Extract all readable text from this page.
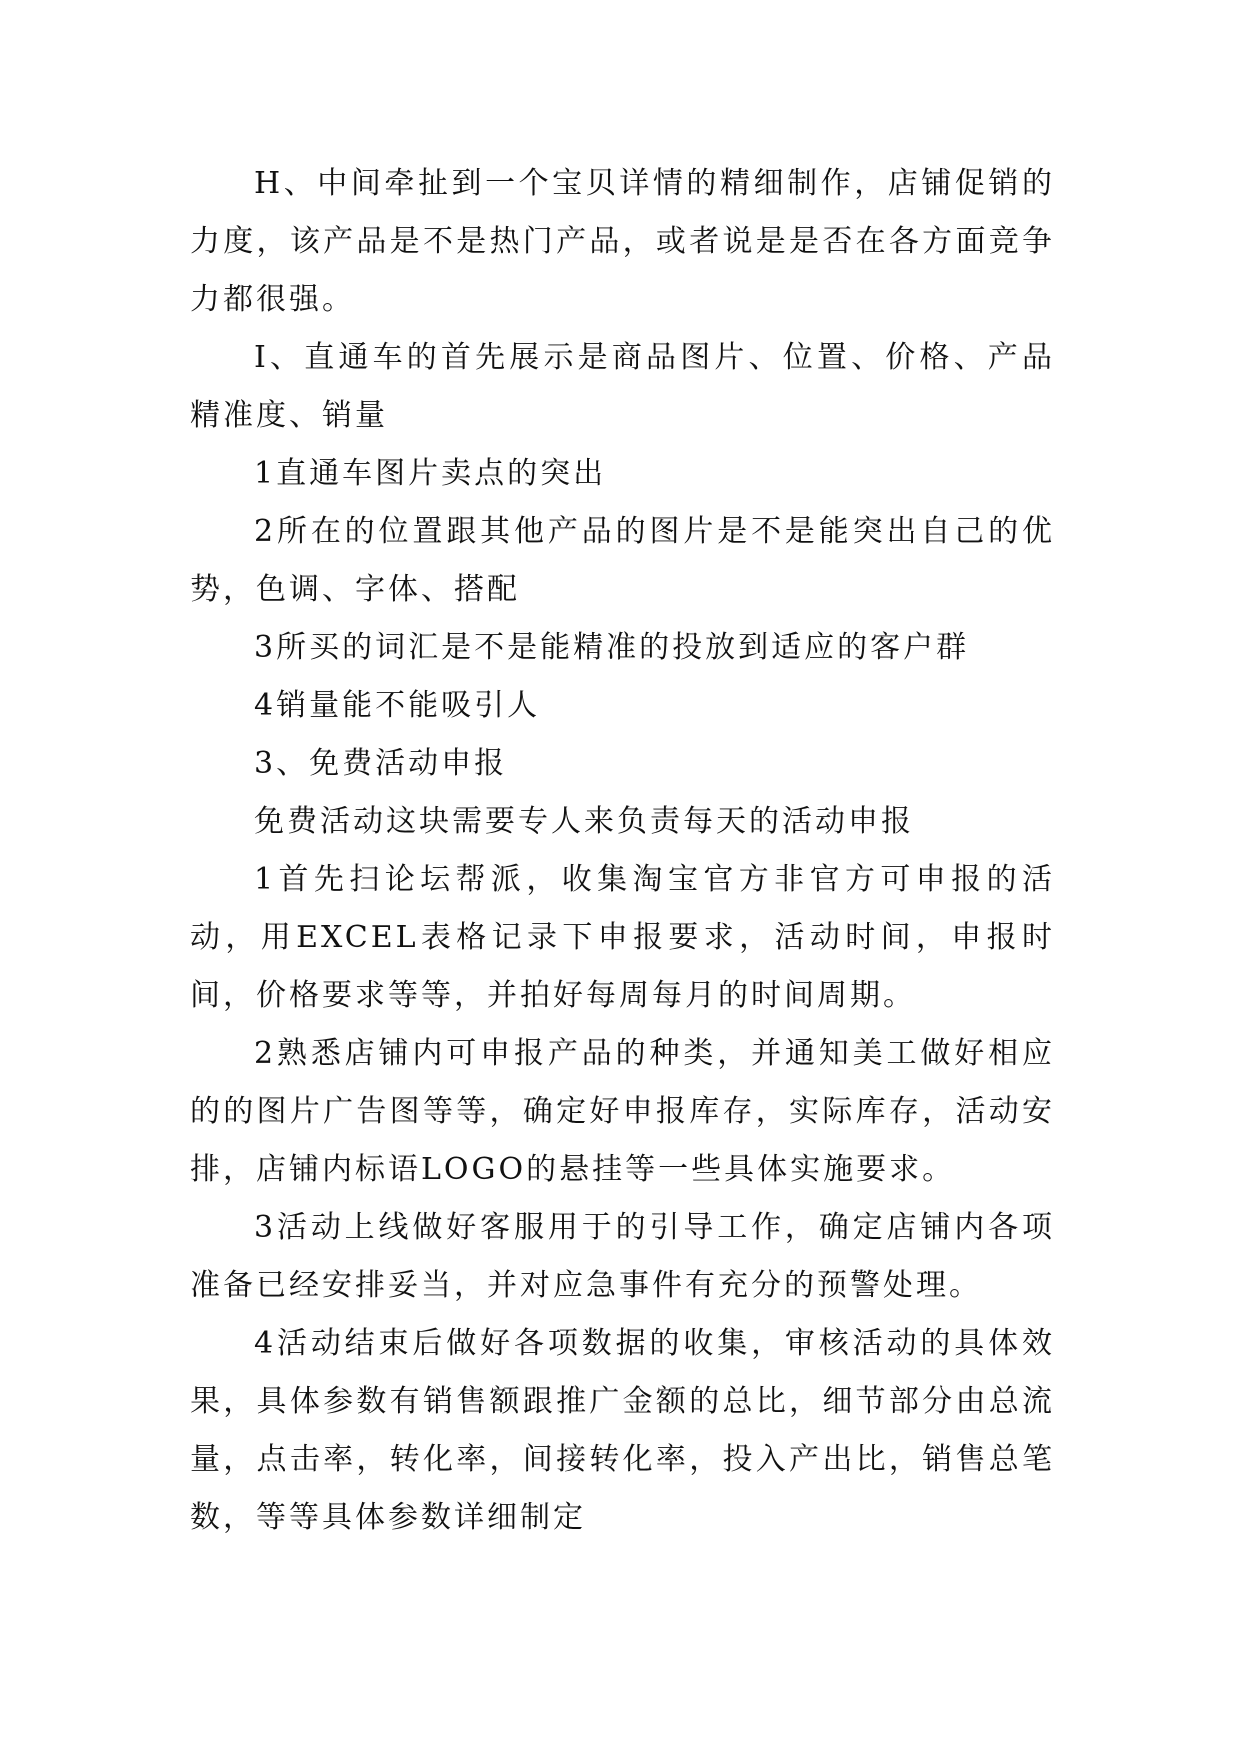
H、中间牵扯到一个宝贝详情的精细制作，店铺促销的力度，该产品是不是热门产品，或者说是是否在各方面竞争力都很强。

I、直通车的首先展示是商品图片、位置、价格、产品精准度、销量

1直通车图片卖点的突出

2所在的位置跟其他产品的图片是不是能突出自己的优势，色调、字体、搭配

3所买的词汇是不是能精准的投放到适应的客户群

4销量能不能吸引人

3、免费活动申报

免费活动这块需要专人来负责每天的活动申报

1首先扫论坛帮派，收集淘宝官方非官方可申报的活动，用EXCEL表格记录下申报要求，活动时间，申报时间，价格要求等等，并拍好每周每月的时间周期。

2熟悉店铺内可申报产品的种类，并通知美工做好相应的的图片广告图等等，确定好申报库存，实际库存，活动安排，店铺内标语LOGO的悬挂等一些具体实施要求。

3活动上线做好客服用于的引导工作，确定店铺内各项准备已经安排妥当，并对应急事件有充分的预警处理。

4活动结束后做好各项数据的收集，审核活动的具体效果，具体参数有销售额跟推广金额的总比，细节部分由总流量，点击率，转化率，间接转化率，投入产出比，销售总笔数，等等具体参数详细制定
